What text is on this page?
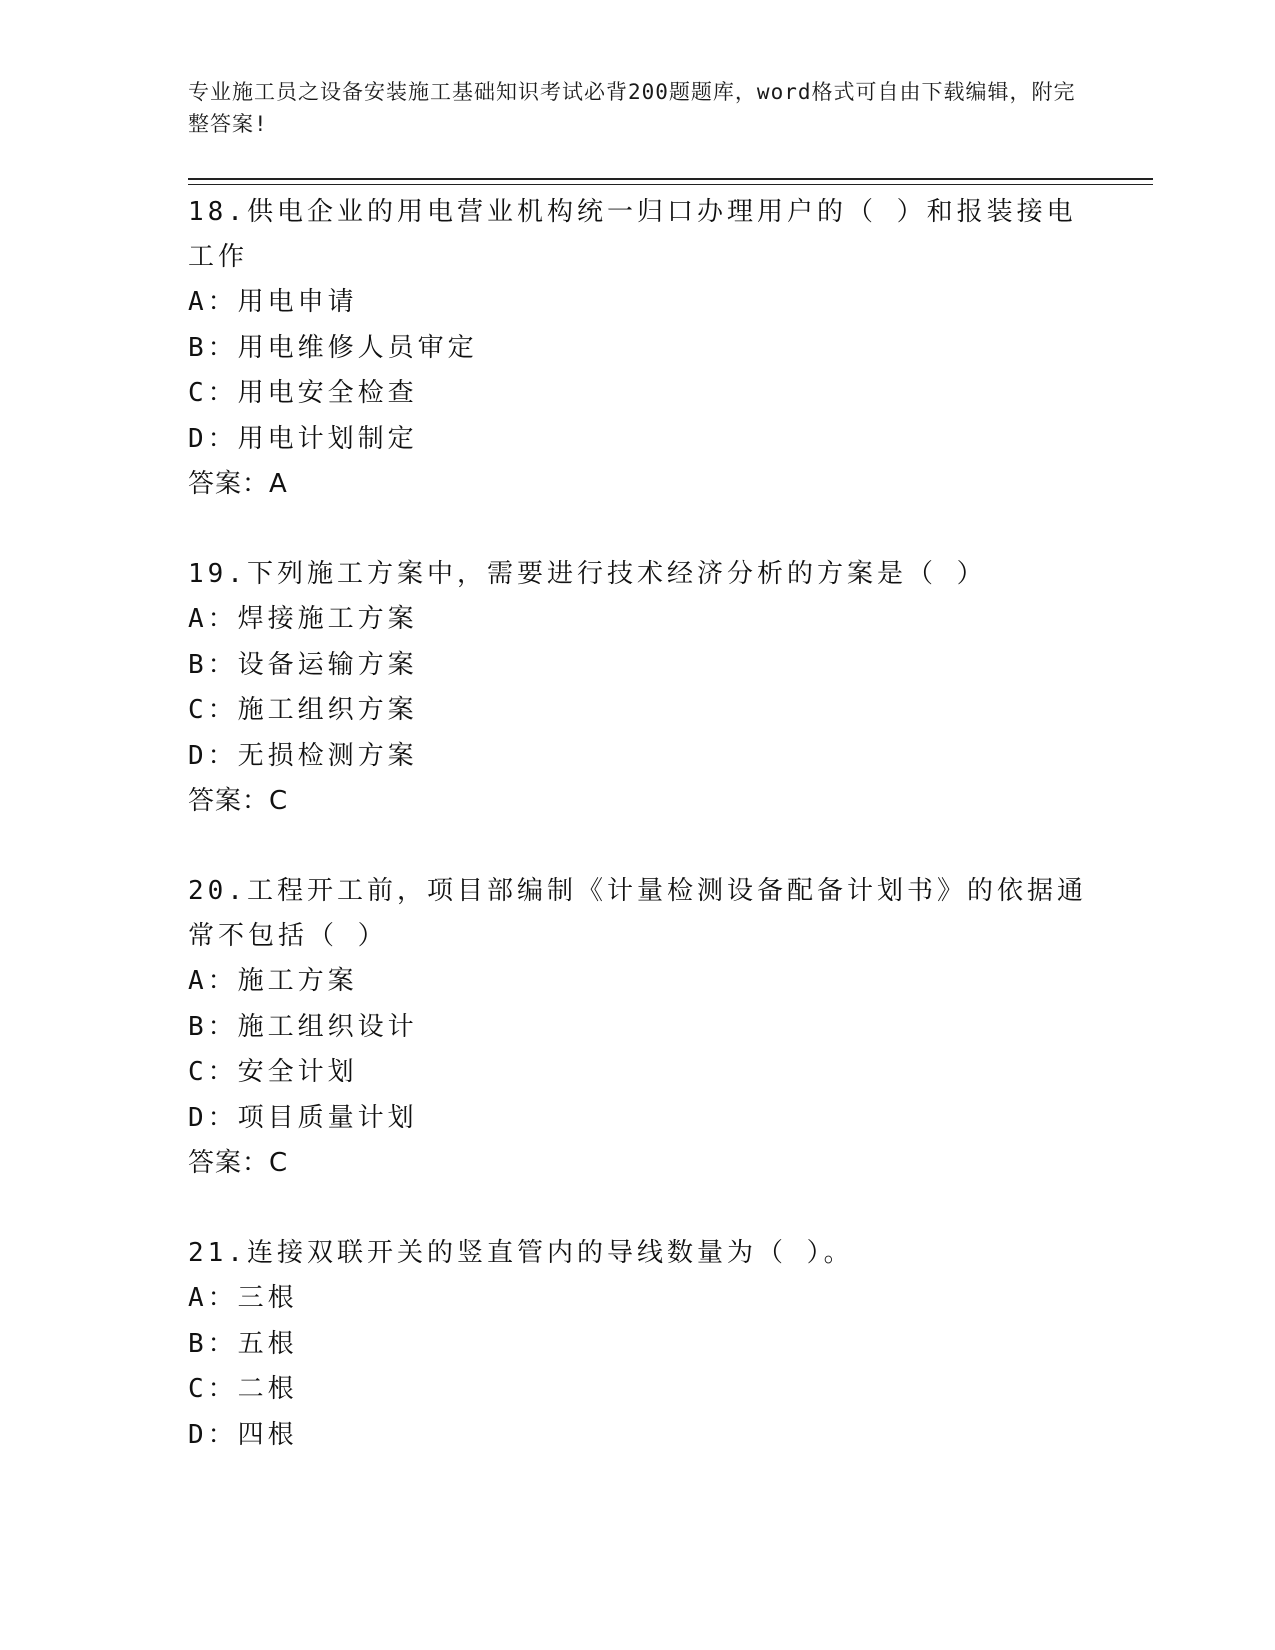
专业施工员之设备安装施工基础知识考试必背200题题库，word格式可自由下载编辑，附完整答案!
18.供电企业的用电营业机构统一归口办理用户的（ ）和报装接电工作
A：用电申请
B：用电维修人员审定
C：用电安全检查
D：用电计划制定
答案：A
19.下列施工方案中，需要进行技术经济分析的方案是（ ）
A：焊接施工方案
B：设备运输方案
C：施工组织方案
D：无损检测方案
答案：C
20.工程开工前，项目部编制《计量检测设备配备计划书》的依据通常不包括（ ）
A：施工方案
B：施工组织设计
C：安全计划
D：项目质量计划
答案：C
21.连接双联开关的竖直管内的导线数量为（ ）。
A：三根
B：五根
C：二根
D：四根
